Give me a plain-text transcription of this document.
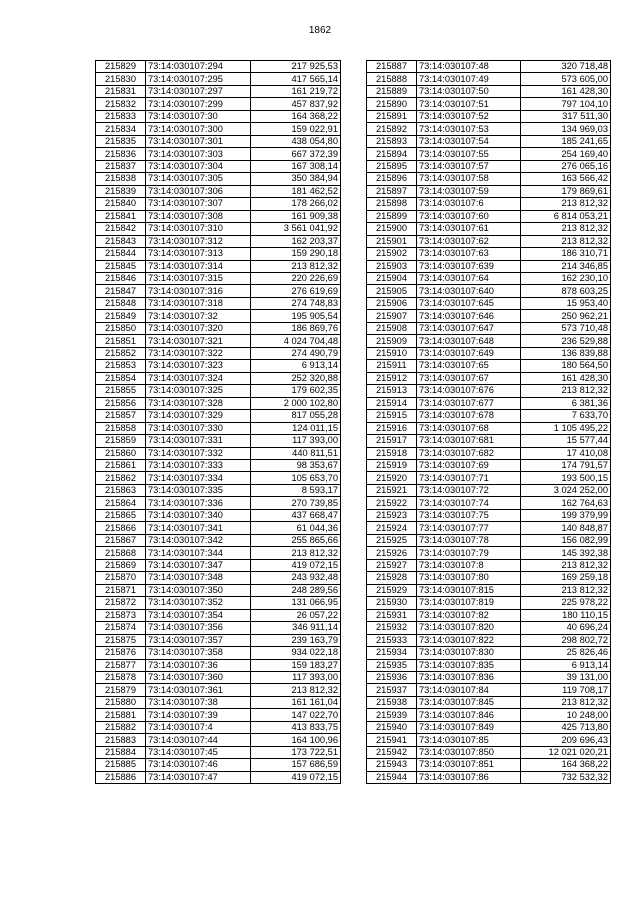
1862
215829	73:14:030107:294	217 925,53
215830	73:14:030107:295	417 565,14
215831	73:14:030107:297	161 219,72
215832	73:14:030107:299	457 837,92
215833	73:14:030107:30	164 368,22
215834	73:14:030107:300	159 022,91
215835	73:14:030107:301	438 054,80
215836	73:14:030107:303	667 372,39
215837	73:14:030107:304	167 308,14
215838	73:14:030107:305	350 384,94
215839	73:14:030107:306	181 462,52
215840	73:14:030107:307	178 266,02
215841	73:14:030107:308	161 909,38
215842	73:14:030107:310	3 561 041,92
215843	73:14:030107:312	162 203,37
215844	73:14:030107:313	159 290,18
215845	73:14:030107:314	213 812,32
215846	73:14:030107:315	220 226,69
215847	73:14:030107:316	276 619,69
215848	73:14:030107:318	274 748,83
215849	73:14:030107:32	195 905,54
215850	73:14:030107:320	186 869,76
215851	73:14:030107:321	4 024 704,48
215852	73:14:030107:322	274 490,79
215853	73:14:030107:323	6 913,14
215854	73:14:030107:324	252 320,88
215855	73:14:030107:325	179 602,35
215856	73:14:030107:328	2 000 102,80
215857	73:14:030107:329	817 055,28
215858	73:14:030107:330	124 011,15
215859	73:14:030107:331	117 393,00
215860	73:14:030107:332	440 811,51
215861	73:14:030107:333	98 353,67
215862	73:14:030107:334	105 653,70
215863	73:14:030107:335	8 593,17
215864	73:14:030107:336	270 739,85
215865	73:14:030107:340	437 668,47
215866	73:14:030107:341	61 044,36
215867	73:14:030107:342	255 865,66
215868	73:14:030107:344	213 812,32
215869	73:14:030107:347	419 072,15
215870	73:14:030107:348	243 932,48
215871	73:14:030107:350	248 289,56
215872	73:14:030107:352	131 066,95
215873	73:14:030107:354	26 057,22
215874	73:14:030107:356	346 911,14
215875	73:14:030107:357	239 163,79
215876	73:14:030107:358	934 022,18
215877	73:14:030107:36	159 183,27
215878	73:14:030107:360	117 393,00
215879	73:14:030107:361	213 812,32
215880	73:14:030107:38	161 161,04
215881	73:14:030107:39	147 022,70
215882	73:14:030107:4	413 833,75
215883	73:14:030107:44	164 100,96
215884	73:14:030107:45	173 722,51
215885	73:14:030107:46	157 686,59
215886	73:14:030107:47	419 072,15
215887	73:14:030107:48	320 718,48
215888	73:14:030107:49	573 605,00
215889	73:14:030107:50	161 428,30
215890	73:14:030107:51	797 104,10
215891	73:14:030107:52	317 511,30
215892	73:14:030107:53	134 969,03
215893	73:14:030107:54	185 241,65
215894	73:14:030107:55	254 169,40
215895	73:14:030107:57	276 065,16
215896	73:14:030107:58	163 566,42
215897	73:14:030107:59	179 869,61
215898	73:14:030107:6	213 812,32
215899	73:14:030107:60	6 814 053,21
215900	73:14:030107:61	213 812,32
215901	73:14:030107:62	213 812,32
215902	73:14:030107:63	186 310,71
215903	73:14:030107:639	214 346,85
215904	73:14:030107:64	162 230,10
215905	73:14:030107:640	878 603,25
215906	73:14:030107:645	15 953,40
215907	73:14:030107:646	250 962,21
215908	73:14:030107:647	573 710,48
215909	73:14:030107:648	236 529,88
215910	73:14:030107:649	136 839,88
215911	73:14:030107:65	180 564,50
215912	73:14:030107:67	161 428,30
215913	73:14:030107:676	213 812,32
215914	73:14:030107:677	6 381,36
215915	73:14:030107:678	7 633,70
215916	73:14:030107:68	1 105 495,22
215917	73:14:030107:681	15 577,44
215918	73:14:030107:682	17 410,08
215919	73:14:030107:69	174 791,57
215920	73:14:030107:71	193 500,15
215921	73:14:030107:72	3 024 252,00
215922	73:14:030107:74	162 764,63
215923	73:14:030107:75	199 379,99
215924	73:14:030107:77	140 848,87
215925	73:14:030107:78	156 082,99
215926	73:14:030107:79	145 392,38
215927	73:14:030107:8	213 812,32
215928	73:14:030107:80	169 259,18
215929	73:14:030107:815	213 812,32
215930	73:14:030107:819	225 978,22
215931	73:14:030107:82	180 110,15
215932	73:14:030107:820	40 696,24
215933	73:14:030107:822	298 802,72
215934	73:14:030107:830	25 826,46
215935	73:14:030107:835	6 913,14
215936	73:14:030107:836	39 131,00
215937	73:14:030107:84	119 708,17
215938	73:14:030107:845	213 812,32
215939	73:14:030107:846	10 248,00
215940	73:14:030107:849	425 713,80
215941	73:14:030107:85	209 696,43
215942	73:14:030107:850	12 021 020,21
215943	73:14:030107:851	164 368,22
215944	73:14:030107:86	732 532,32
